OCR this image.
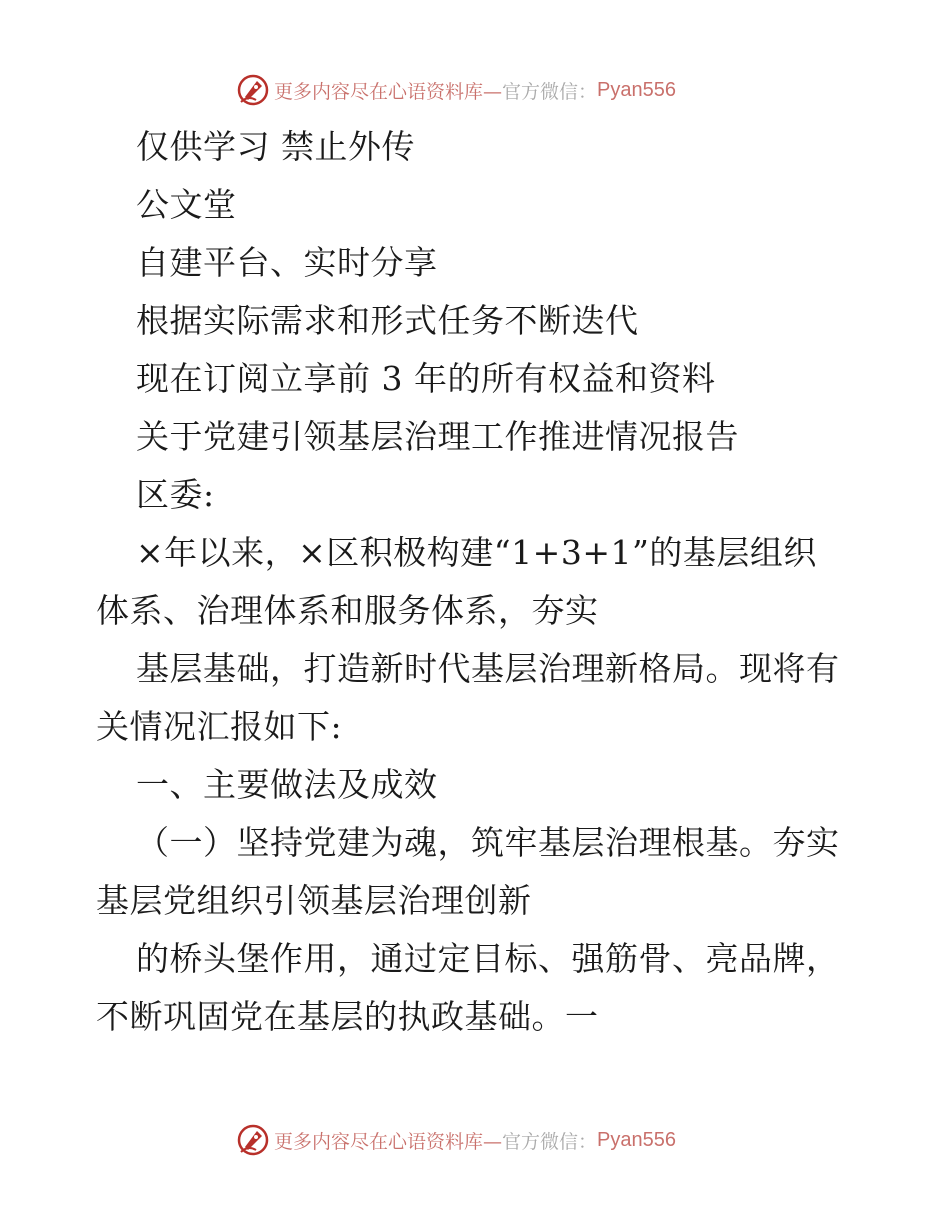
更多内容尽在心语资料库— 官方微信： Pyan556
仅供学习 禁止外传
公文堂
自建平台、实时分享
根据实际需求和形式任务不断迭代
现在订阅立享前 3 年的所有权益和资料
关于党建引领基层治理工作推进情况报告
区委:
×年以来，×区积极构建“1+3+1”的基层组织
体系、治理体系和服务体系，夯实
基层基础，打造新时代基层治理新格局。现将有
关情况汇报如下:
一、主要做法及成效
（一）坚持党建为魂，筑牢基层治理根基。夯实
基层党组织引领基层治理创新
的桥头堡作用，通过定目标、强筋骨、亮品牌，
不断巩固党在基层的执政基础。一
更多内容尽在心语资料库— 官方微信： Pyan556
